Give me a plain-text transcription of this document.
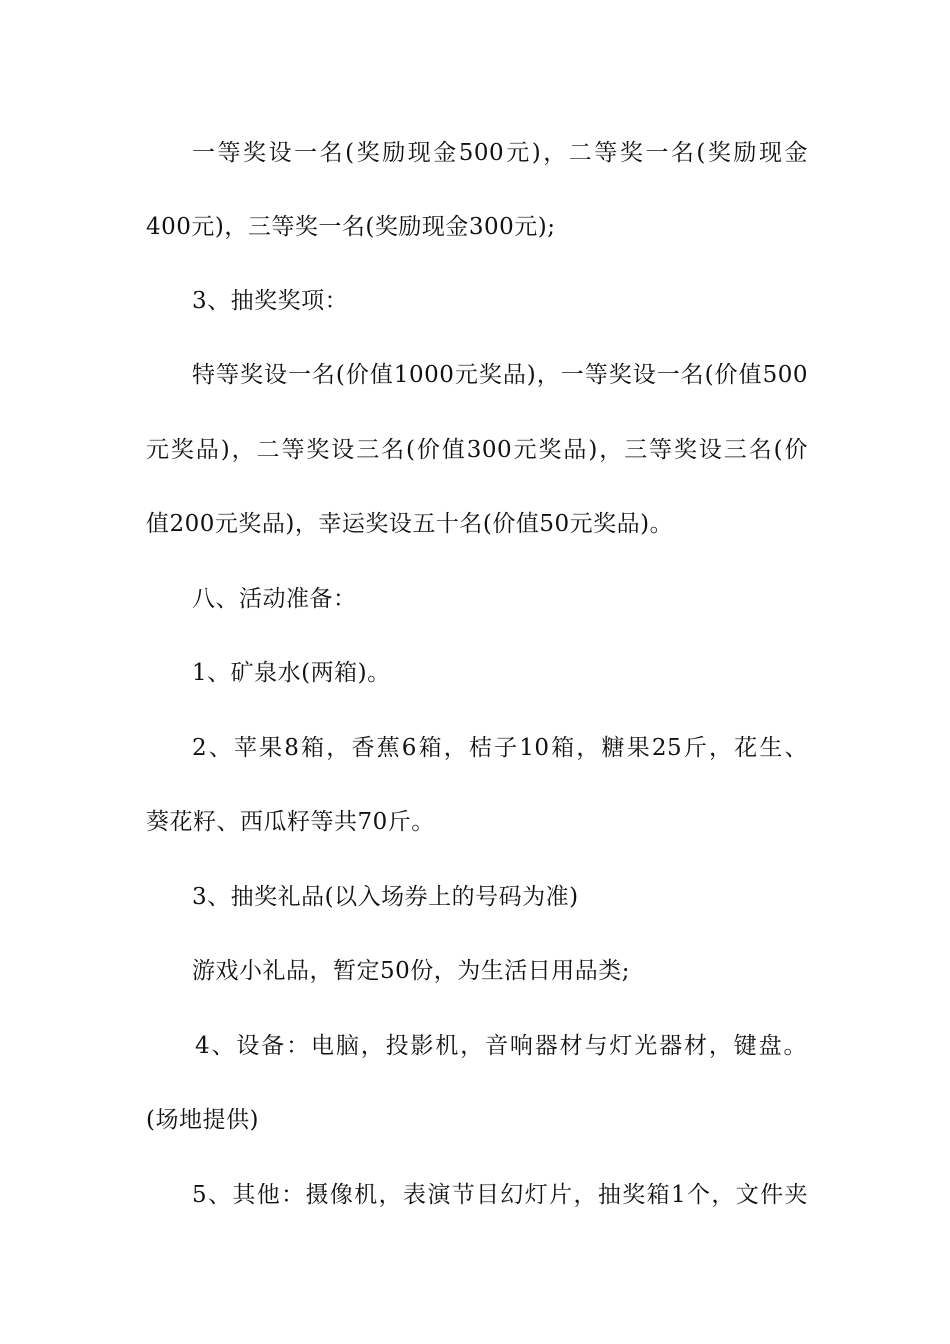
一等奖设一名(奖励现金500元)，二等奖一名(奖励现金

400元)，三等奖一名(奖励现金300元);

3、抽奖奖项：

特等奖设一名(价值1000元奖品)，一等奖设一名(价值500

元奖品)，二等奖设三名(价值300元奖品)，三等奖设三名(价

值200元奖品)，幸运奖设五十名(价值50元奖品)。

八、活动准备：

1、矿泉水(两箱)。

2、苹果8箱，香蕉6箱，桔子10箱，糖果25斤，花生、

葵花籽、西瓜籽等共70斤。

3、抽奖礼品(以入场券上的号码为准)

游戏小礼品，暂定50份，为生活日用品类;

4、设备：电脑，投影机，音响器材与灯光器材，键盘。

(场地提供)

5、其他：摄像机，表演节目幻灯片，抽奖箱1个，文件夹
